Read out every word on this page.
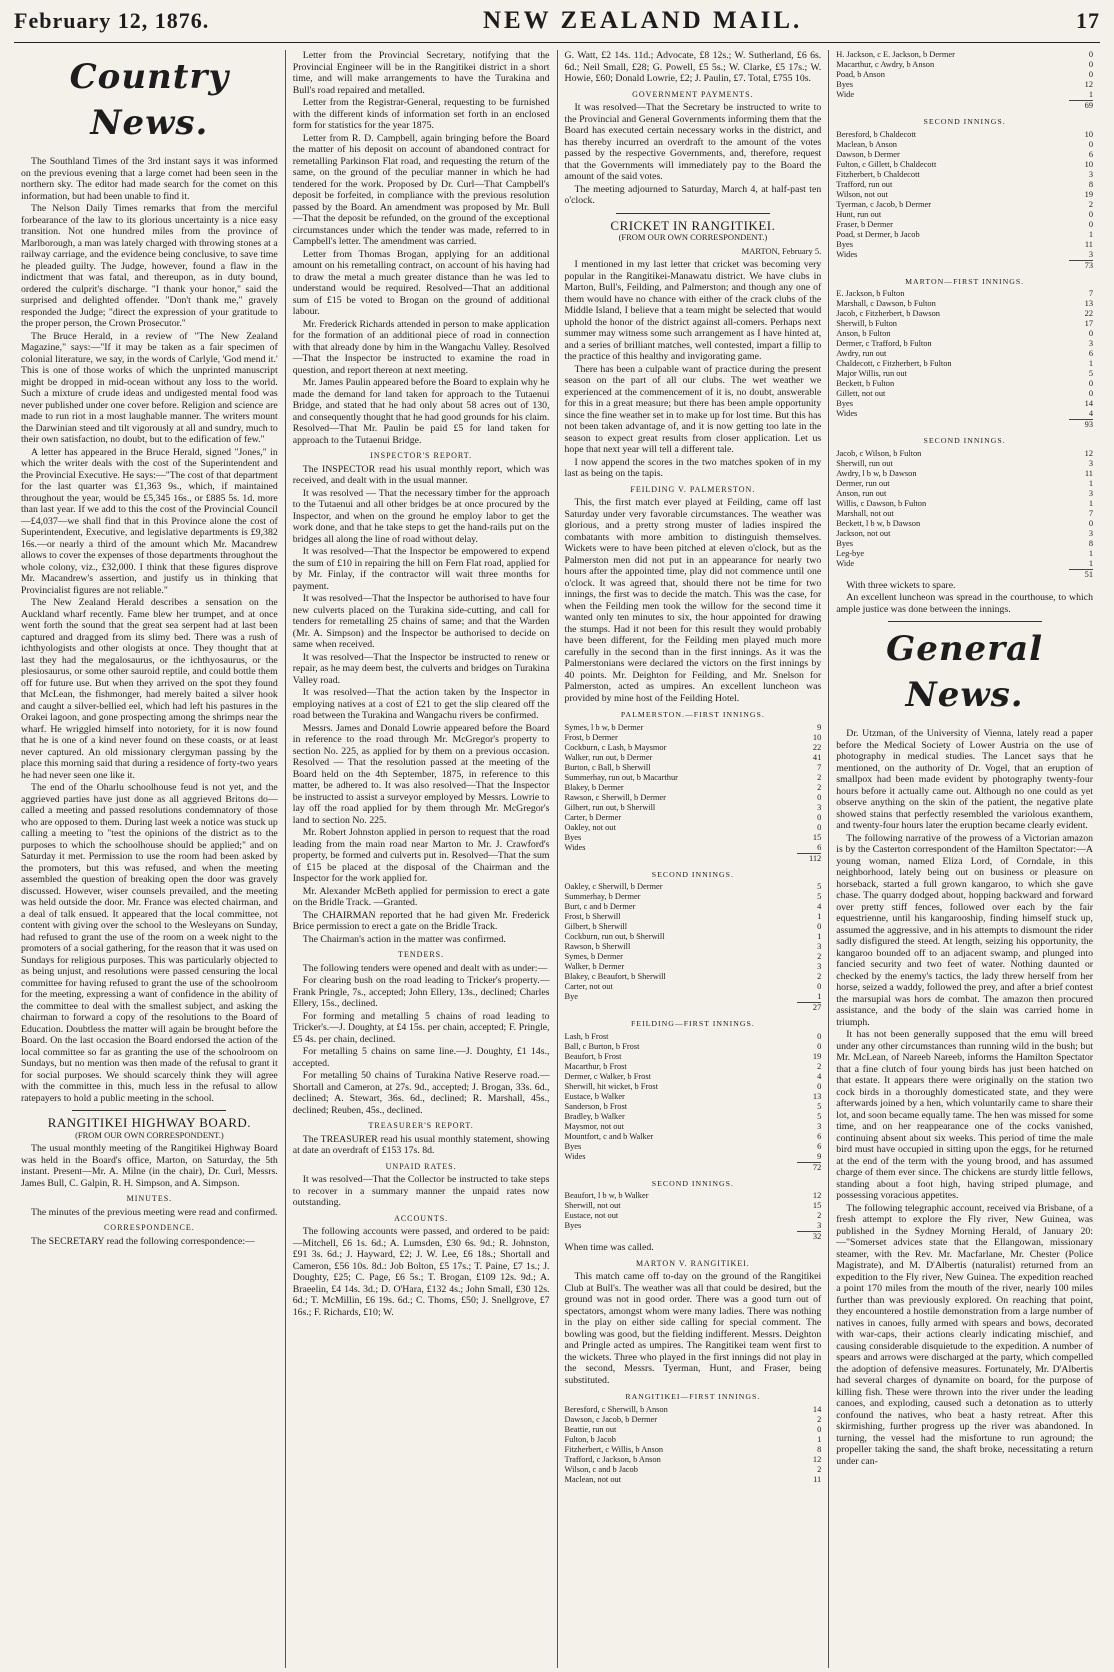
February 12, 1876.	NEW ZEALAND MAIL.	17
Country News.

The Southland Times of the 3rd instant says it was informed on the previous evening that a large comet had been seen in the northern sky. The editor had made search for the comet on this information, but had been unable to find it.

The Nelson Daily Times remarks that from the merciful forbearance of the law to its glorious uncertainty is a nice easy transition. Not one hundred miles from the province of Marlborough, a man was lately charged with throwing stones at a railway carriage, and the evidence being conclusive, to save time he pleaded guilty. The Judge, however, found a flaw in the indictment that was fatal, and thereupon, as in duty bound, ordered the culprit's discharge. "I thank your honor," said the surprised and delighted offender. "Don't thank me," gravely responded the Judge; "direct the expression of your gratitude to the proper person, the Crown Prosecutor."

The Bruce Herald, in a review of "The New Zealand Magazine," says:—"If it may be taken as a fair specimen of colonial literature, we say, in the words of Carlyle, 'God mend it.' This is one of those works of which the unprinted manuscript might be dropped in mid-ocean without any loss to the world. Such a mixture of crude ideas and undigested mental food was never published under one cover before. Religion and science are made to run riot in a most laughable manner. The writers mount the Darwinian steed and tilt vigorously at all and sundry, much to their own satisfaction, no doubt, but to the edification of few."

A letter has appeared in the Bruce Herald, signed "Jones," in which the writer deals with the cost of the Superintendent and the Provincial Executive. He says:—"The cost of that department for the last quarter was £1,363 9s., which, if maintained throughout the year, would be £5,345 16s., or £885 5s. 1d. more than last year. If we add to this the cost of the Provincial Council—£4,037—we shall find that in this Province alone the cost of Superintendent, Executive, and legislative departments is £9,382 16s.—or nearly a third of the amount which Mr. Macandrew allows to cover the expenses of those departments throughout the whole colony, viz., £32,000. I think that these figures disprove Mr. Macandrew's assertion, and justify us in thinking that Provincialist figures are not reliable."

The New Zealand Herald describes a sensation on the Auckland wharf recently. Fame blew her trumpet, and at once went forth the sound that the great sea serpent had at last been captured and dragged from its slimy bed. There was a rush of ichthyologists and other ologists at once. They thought that at last they had the megalosaurus, or the ichthyosaurus, or the plesiosaurus, or some other sauroid reptile, and could bottle them off for future use. But when they arrived on the spot they found that McLean, the fishmonger, had merely baited a silver hook and caught a silver-bellied eel, which had left his pastures in the Orakei lagoon, and gone prospecting among the shrimps near the wharf. He wriggled himself into notoriety, for it is now found that he is one of a kind never found on these coasts, or at least never captured. An old missionary clergyman passing by the place this morning said that during a residence of forty-two years he had never seen one like it.

The end of the Oharlu schoolhouse feud is not yet, and the aggrieved parties have just done as all aggrieved Britons do—called a meeting and passed resolutions condemnatory of those who are opposed to them. During last week a notice was stuck up calling a meeting to "test the opinions of the district as to the purposes to which the schoolhouse should be applied;" and on Saturday it met. Permission to use the room had been asked by the promoters, but this was refused, and when the meeting assembled the question of breaking open the door was gravely discussed. However, wiser counsels prevailed, and the meeting was held outside the door. Mr. France was elected chairman, and a deal of talk ensued. It appeared that the local committee, not content with giving over the school to the Wesleyans on Sunday, had refused to grant the use of the room on a week night to the promoters of a social gathering, for the reason that it was used on Sundays for religious purposes. This was particularly objected to as being unjust, and resolutions were passed censuring the local committee for having refused to grant the use of the schoolroom for the meeting, expressing a want of confidence in the ability of the committee to deal with the smallest subject, and asking the chairman to forward a copy of the resolutions to the Board of Education. Doubtless the matter will again be brought before the Board. On the last occasion the Board endorsed the action of the local committee so far as granting the use of the schoolroom on Sundays, but no mention was then made of the refusal to grant it for social purposes. We should scarcely think they will agree with the committee in this, much less in the refusal to allow ratepayers to hold a public meeting in the school.

RANGITIKEI HIGHWAY BOARD.
(FROM OUR OWN CORRESPONDENT.)

The usual monthly meeting of the Rangitikei Highway Board was held in the Board's office, Marton, on Saturday, the 5th instant. Present—Mr. A. Milne (in the chair), Dr. Curl, Messrs. James Bull, C. Galpin, R. H. Simpson, and A. Simpson.

MINUTES.

The minutes of the previous meeting were read and confirmed.

CORRESPONDENCE.

The SECRETARY read the following correspondence:—

Letter from the Provincial Secretary, notifying that the Provincial Engineer will be in the Rangitikei district in a short time, and will make arrangements to have the Turakina and Bull's road repaired and metalled.

Letter from the Registrar-General, requesting to be furnished with the different kinds of information set forth in an enclosed form for statistics for the year 1875.

Letter from R. D. Campbell, again bringing before the Board the matter of his deposit on account of abandoned contract for remetalling Parkinson Flat road, and requesting the return of the same, on the ground of the peculiar manner in which he had tendered for the work. Proposed by Dr. Curl—That Campbell's deposit be forfeited, in compliance with the previous resolution passed by the Board. An amendment was proposed by Mr. Bull—That the deposit be refunded, on the ground of the exceptional circumstances under which the tender was made, referred to in Campbell's letter. The amendment was carried.

Letter from Thomas Brogan, applying for an additional amount on his remetalling contract, on account of his having had to draw the metal a much greater distance than he was led to understand would be required. Resolved—That an additional sum of £15 be voted to Brogan on the ground of additional labour.

Mr. Frederick Richards attended in person to make application for the formation of an additional piece of road in connection with that already done by him in the Wangachu Valley. Resolved—That the Inspector be instructed to examine the road in question, and report thereon at next meeting.

Mr. James Paulin appeared before the Board to explain why he made the demand for land taken for approach to the Tutaenui Bridge, and stated that he had only about 58 acres out of 130, and consequently thought that he had good grounds for his claim. Resolved—That Mr. Paulin be paid £5 for land taken for approach to the Tutaenui Bridge.

INSPECTOR'S REPORT.

The INSPECTOR read his usual monthly report, which was received, and dealt with in the usual manner.

It was resolved — That the necessary timber for the approach to the Tutaenui and all other bridges be at once procured by the Inspector, and when on the ground he employ labor to get the work done, and that he take steps to get the hand-rails put on the bridges all along the line of road without delay.

It was resolved—That the Inspector be empowered to expend the sum of £10 in repairing the hill on Fern Flat road, applied for by Mr. Finlay, if the contractor will wait three months for payment.

It was resolved—That the Inspector be authorised to have four new culverts placed on the Turakina side-cutting, and call for tenders for remetalling 25 chains of same; and that the Warden (Mr. A. Simpson) and the Inspector be authorised to decide on same when received.

It was resolved—That the Inspector be instructed to renew or repair, as he may deem best, the culverts and bridges on Turakina Valley road.

It was resolved—That the action taken by the Inspector in employing natives at a cost of £21 to get the slip cleared off the road between the Turakina and Wangachu rivers be confirmed.

Messrs. James and Donald Lowrie appeared before the Board in reference to the road through Mr. McGregor's property to section No. 225, as applied for by them on a previous occasion. Resolved — That the resolution passed at the meeting of the Board held on the 4th September, 1875, in reference to this matter, be adhered to. It was also resolved—That the Inspector be instructed to assist a surveyor employed by Messrs. Lowrie to lay off the road applied for by them through Mr. McGregor's land to section No. 225.

Mr. Robert Johnston applied in person to request that the road leading from the main road near Marton to Mr. J. Crawford's property, be formed and culverts put in. Resolved—That the sum of £15 be placed at the disposal of the Chairman and the Inspector for the work applied for.

Mr. Alexander McBeth applied for permission to erect a gate on the Bridle Track. —Granted.

The CHAIRMAN reported that he had given Mr. Frederick Brice permission to erect a gate on the Bridle Track.

The Chairman's action in the matter was confirmed.

TENDERS.

The following tenders were opened and dealt with as under:—

For clearing bush on the road leading to Tricker's property.—Frank Pringle, 7s., accepted; John Ellery, 13s., declined; Charles Ellery, 15s., declined.

For forming and metalling 5 chains of road leading to Tricker's.—J. Doughty, at £4 15s. per chain, accepted; F. Pringle, £5 4s. per chain, declined.

For metalling 5 chains on same line.—J. Doughty, £1 14s., accepted.

For metalling 50 chains of Turakina Native Reserve road.—Shortall and Cameron, at 27s. 9d., accepted; J. Brogan, 33s. 6d., declined; A. Stewart, 36s. 6d., declined; R. Marshall, 45s., declined; Reuben, 45s., declined.

TREASURER'S REPORT.

The TREASURER read his usual monthly statement, showing at date an overdraft of £153 17s. 8d.

UNPAID RATES.

It was resolved—That the Collector be instructed to take steps to recover in a summary manner the unpaid rates now outstanding.

ACCOUNTS.

The following accounts were passed, and ordered to be paid:—Mitchell, £6 1s. 6d.; A. Lumsden, £30 6s. 9d.; R. Johnston, £91 3s. 6d.; J. Hayward, £2; J. W. Lee, £6 18s.; Shortall and Cameron, £56 10s. 8d.: Job Bolton, £5 17s.; T. Paine, £7 1s.; J. Doughty, £25; C. Page, £6 5s.; T. Brogan, £109 12s. 9d.; A. Braeelin, £4 14s. 3d.; D. O'Hara, £132 4s.; John Small, £30 12s. 6d.; T. McMillin, £6 19s. 6d.; C. Thoms, £50; J. Snellgrove, £7 16s.; F. Richards, £10; W.

G. Watt, £2 14s. 11d.; Advocate, £8 12s.; W. Sutherland, £6 6s. 6d.; Neil Small, £28; G. Powell, £5 5s.; W. Clarke, £5 17s.; W. Howie, £60; Donald Lowrie, £2; J. Paulin, £7. Total, £755 10s.

GOVERNMENT PAYMENTS.

It was resolved—That the Secretary be instructed to write to the Provincial and General Governments informing them that the Board has executed certain necessary works in the district, and has thereby incurred an overdraft to the amount of the votes passed by the respective Governments, and, therefore, request that the Governments will immediately pay to the Board the amount of the said votes.

The meeting adjourned to Saturday, March 4, at half-past ten o'clock.

CRICKET IN RANGITIKEI.
(FROM OUR OWN CORRESPONDENT.)
MARTON, February 5.

I mentioned in my last letter that cricket was becoming very popular in the Rangitikei-Manawatu district. We have clubs in Marton, Bull's, Feilding, and Palmerston; and though any one of them would have no chance with either of the crack clubs of the Middle Island, I believe that a team might be selected that would uphold the honor of the district against all-comers. Perhaps next summer may witness some such arrangement as I have hinted at, and a series of brilliant matches, well contested, impart a fillip to the practice of this healthy and invigorating game.

There has been a culpable want of practice during the present season on the part of all our clubs. The wet weather we experienced at the commencement of it is, no doubt, answerable for this in a great measure; but there has been ample opportunity since the fine weather set in to make up for lost time. But this has not been taken advantage of, and it is now getting too late in the season to expect great results from closer application. Let us hope that next year will tell a different tale.

I now append the scores in the two matches spoken of in my last as being on the tapis.

FEILDING V. PALMERSTON.

This, the first match ever played at Feilding, came off last Saturday under very favorable circumstances. The weather was glorious, and a pretty strong muster of ladies inspired the combatants with more ambition to distinguish themselves. Wickets were to have been pitched at eleven o'clock, but as the Palmerston men did not put in an appearance for nearly two hours after the appointed time, play did not commence until one o'clock. It was agreed that, should there not be time for two innings, the first was to decide the match. This was the case, for when the Feilding men took the willow for the second time it wanted only ten minutes to six, the hour appointed for drawing the stumps. Had it not been for this result they would probably have been different, for the Feilding men played much more carefully in the second than in the first innings. As it was the Palmerstonians were declared the victors on the first innings by 40 points. Mr. Deighton for Feilding, and Mr. Snelson for Palmerston, acted as umpires. An excellent luncheon was provided by mine host of the Feilding Hotel.

PALMERSTON.—FIRST INNINGS.
Symes, l b w, b Dermer	9
Frost, b Dermer	10
Cockburn, c Lash, b Maysmor	22
Walker, run out, b Dermer	41
Burton, c Ball, b Sherwill	7
Summerhay, run out, b Macarthur	2
Blakey, b Dermer	2
Rawson, c Sherwill, b Dermer	0
Gilbert, run out, b Sherwill	3
Carter, b Dermer	0
Oakley, not out	0
Byes	15
Wides	6
112
SECOND INNINGS.
Oakley, c Sherwill, b Dermer	5
Summerhay, b Dermer	5
Burt, c and b Dermer	4
Frost, b Sherwill	1
Gilbert, b Sherwill	0
Cockburn, run out, b Sherwill	1
Rawson, b Sherwill	3
Symes, b Dermer	2
Walker, b Dermer	3
Blakey, c Beaufort, b Sherwill	2
Carter, not out	0
Bye	1
27
FEILDING—FIRST INNINGS.
Lash, b Frost	0
Ball, c Burton, b Frost	0
Beaufort, b Frost	19
Macarthur, b Frost	2
Dermer, c Walker, b Frost	4
Sherwill, hit wicket, b Frost	0
Eustace, b Walker	13
Sanderson, b Frost	5
Bradley, b Walker	5
Maysmor, not out	3
Mountfort, c and b Walker	6
Byes	6
Wides	9
72
SECOND INNINGS.
Beaufort, l b w, b Walker	12
Sherwill, not out	15
Eustace, not out	2
Byes	3
32

When time was called.

MARTON V. RANGITIKEI.

This match came off to-day on the ground of the Rangitikei Club at Bull's. The weather was all that could be desired, but the ground was not in good order. There was a good turn out of spectators, amongst whom were many ladies. There was nothing in the play on either side calling for special comment. The bowling was good, but the fielding indifferent. Messrs. Deighton and Pringle acted as umpires. The Rangitikei team went first to the wickets. Three who played in the first innings did not play in the second, Messrs. Tyerman, Hunt, and Fraser, being substituted.

RANGITIKEI—FIRST INNINGS.
Beresford, c Sherwill, b Anson	14
Dawson, c Jacob, b Dermer	2
Beattie, run out	0
Fulton, b Jacob	1
Fitzherbert, c Willis, b Anson	8
Trafford, c Jackson, b Anson	12
Wilson, c and b Jacob	2
Maclean, not out	11
H. Jackson, c E. Jackson, b Dermer	0
Macarthur, c Awdry, b Anson	0
Poad, b Anson	0
Byes	12
Wide	1
69
SECOND INNINGS.
Beresford, b Chaldecott	10
Maclean, b Anson	0
Dawson, b Dermer	6
Fulton, c Gillett, b Chaldecott	10
Fitzherbert, b Chaldecott	3
Trafford, run out	8
Wilson, not out	19
Tyerman, c Jacob, b Dermer	2
Hunt, run out	0
Fraser, b Dermer	0
Poad, st Dermer, b Jacob	1
Byes	11
Wides	3
73
MARTON—FIRST INNINGS.
E. Jackson, b Fulton	7
Marshall, c Dawson, b Fulton	13
Jacob, c Fitzherbert, b Dawson	22
Sherwill, b Fulton	17
Anson, b Fulton	0
Dermer, c Trafford, b Fulton	3
Awdry, run out	6
Chaldecott, c Fitzherbert, b Fulton	1
Major Willis, run out	5
Beckett, b Fulton	0
Gillett, not out	0
Byes	14
Wides	4
93
SECOND INNINGS.
Jacob, c Wilson, b Fulton	12
Sherwill, run out	3
Awdry, l b w, b Dawson	11
Dermer, run out	1
Anson, run out	3
Willis, c Dawson, b Fulton	1
Marshall, not out	7
Beckett, l b w, b Dawson	0
Jackson, not out	3
Byes	8
Leg-bye	1
Wide	1
51

With three wickets to spare.

An excellent luncheon was spread in the courthouse, to which ample justice was done between the innings.

General News.

Dr. Utzman, of the University of Vienna, lately read a paper before the Medical Society of Lower Austria on the use of photography in medical studies. The Lancet says that he mentioned, on the authority of Dr. Vogel, that an eruption of smallpox had been made evident by photography twenty-four hours before it actually came out. Although no one could as yet observe anything on the skin of the patient, the negative plate showed stains that perfectly resembled the variolous exanthem, and twenty-four hours later the eruption became clearly evident.

The following narrative of the prowess of a Victorian amazon is by the Casterton correspondent of the Hamilton Spectator:—A young woman, named Eliza Lord, of Corndale, in this neighborhood, lately being out on business or pleasure on horseback, started a full grown kangaroo, to which she gave chase. The quarry dodged about, hopping backward and forward over pretty stiff fences, followed over each by the fair equestrienne, until his kangarooship, finding himself stuck up, assumed the aggressive, and in his attempts to dismount the rider sadly disfigured the steed. At length, seizing his opportunity, the kangaroo bounded off to an adjacent swamp, and plunged into fancied security and two feet of water. Nothing daunted or checked by the enemy's tactics, the lady threw herself from her horse, seized a waddy, followed the prey, and after a brief contest the marsupial was hors de combat. The amazon then procured assistance, and the body of the slain was carried home in triumph.

It has not been generally supposed that the emu will breed under any other circumstances than running wild in the bush; but Mr. McLean, of Nareeb Nareeb, informs the Hamilton Spectator that a fine clutch of four young birds has just been hatched on that estate. It appears there were originally on the station two cock birds in a thoroughly domesticated state, and they were afterwards joined by a hen, which voluntarily came to share their lot, and soon became equally tame. The hen was missed for some time, and on her reappearance one of the cocks vanished, continuing absent about six weeks. This period of time the male bird must have occupied in sitting upon the eggs, for he returned at the end of the term with the young brood, and has assumed charge of them ever since. The chickens are sturdy little fellows, standing about a foot high, having striped plumage, and possessing voracious appetites.

The following telegraphic account, received via Brisbane, of a fresh attempt to explore the Fly river, New Guinea, was published in the Sydney Morning Herald, of January 20:—"Somerset advices state that the Ellangowan, missionary steamer, with the Rev. Mr. Macfarlane, Mr. Chester (Police Magistrate), and M. D'Albertis (naturalist) returned from an expedition to the Fly river, New Guinea. The expedition reached a point 170 miles from the mouth of the river, nearly 100 miles further than was previously explored. On reaching that point, they encountered a hostile demonstration from a large number of natives in canoes, fully armed with spears and bows, decorated with war-caps, their actions clearly indicating mischief, and causing considerable disquietude to the expedition. A number of spears and arrows were discharged at the party, which compelled the adoption of defensive measures. Fortunately, Mr. D'Albertis had several charges of dynamite on board, for the purpose of killing fish. These were thrown into the river under the leading canoes, and exploding, caused such a detonation as to utterly confound the natives, who beat a hasty retreat. After this skirmishing, further progress up the river was abandoned. In turning, the vessel had the misfortune to run aground; the propeller taking the sand, the shaft broke, necessitating a return under can-
